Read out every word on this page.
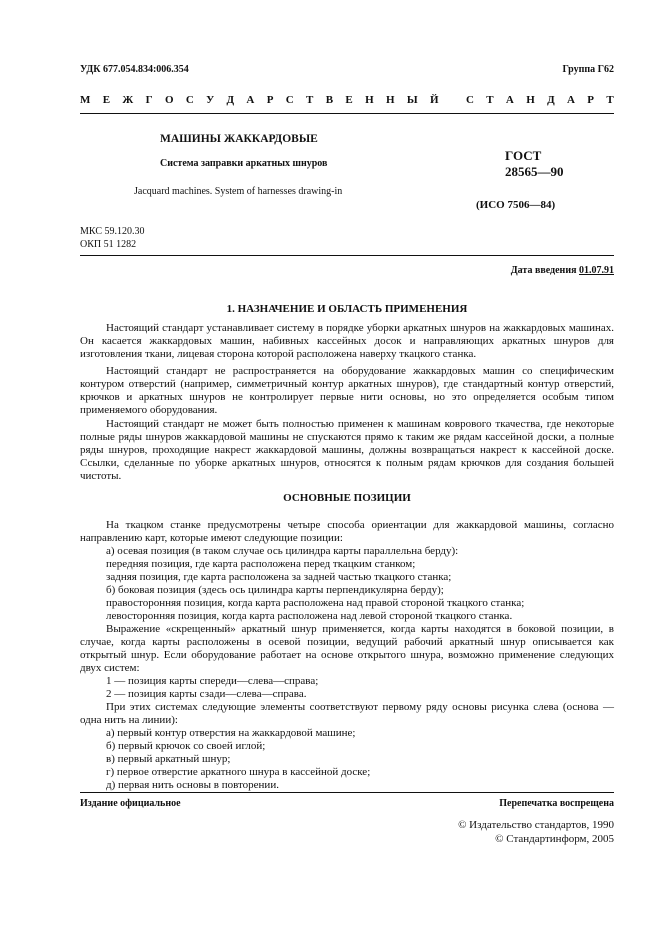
УДК 677.054.834:006.354	Группа Г62
М Е Ж Г О С У Д А Р С Т В Е Н Н Ы Й
С Т А Н Д А Р Т
МАШИНЫ ЖАККАРДОВЫЕ
Система заправки аркатных шнуров
Jacquard machines. System of harnesses drawing-in
ГОСТ
28565—90
(ИСО 7506—84)
МКС 59.120.30
ОКП 51 1282
Дата введения 01.07.91
1. НАЗНАЧЕНИЕ И ОБЛАСТЬ ПРИМЕНЕНИЯ
Настоящий стандарт устанавливает систему в порядке уборки аркатных шнуров на жаккардовых машинах. Он касается жаккардовых машин, набивных кассейных досок и направляющих аркатных шнуров для изготовления ткани, лицевая сторона которой расположена наверху ткацкого станка.
Настоящий стандарт не распространяется на оборудование жаккардовых машин со специфическим контуром отверстий (например, симметричный контур аркатных шнуров), где стандартный контур отверстий, крючков и аркатных шнуров не контролирует первые нити основы, но это определяется особым типом применяемого оборудования.
Настоящий стандарт не может быть полностью применен к машинам коврового ткачества, где некоторые полные ряды шнуров жаккардовой машины не спускаются прямо к таким же рядам кассейной доски, а полные ряды шнуров, проходящие накрест жаккардовой машины, должны возвращаться накрест к кассейной доске. Ссылки, сделанные по уборке аркатных шнуров, относятся к полным рядам крючков для создания большей чистоты.
ОСНОВНЫЕ ПОЗИЦИИ
На ткацком станке предусмотрены четыре способа ориентации для жаккардовой машины, согласно направлению карт, которые имеют следующие позиции:
а) осевая позиция (в таком случае ось цилиндра карты параллельна берду):
передняя позиция, где карта расположена перед ткацким станком;
задняя позиция, где карта расположена за задней частью ткацкого станка;
б) боковая позиция (здесь ось цилиндра карты перпендикулярна берду);
правосторонняя позиция, когда карта расположена над правой стороной ткацкого станка;
левосторонняя позиция, когда карта расположена над левой стороной ткацкого станка.
Выражение «скрещенный» аркатный шнур применяется, когда карты находятся в боковой позиции, в случае, когда карты расположены в осевой позиции, ведущий рабочий аркатный шнур описывается как открытый шнур. Если оборудование работает на основе открытого шнура, возможно применение следующих двух систем:
1 — позиция карты спереди—слева—справа;
2 — позиция карты сзади—слева—справа.
При этих системах следующие элементы соответствуют первому ряду основы рисунка слева (основа — одна нить на линии):
а) первый контур отверстия на жаккардовой машине;
б) первый крючок со своей иглой;
в) первый аркатный шнур;
г) первое отверстие аркатного шнура в кассейной доске;
д) первая нить основы в повторении.
Издание официальное	Перепечатка воспрещена
© Издательство стандартов, 1990
© Стандартинформ, 2005
